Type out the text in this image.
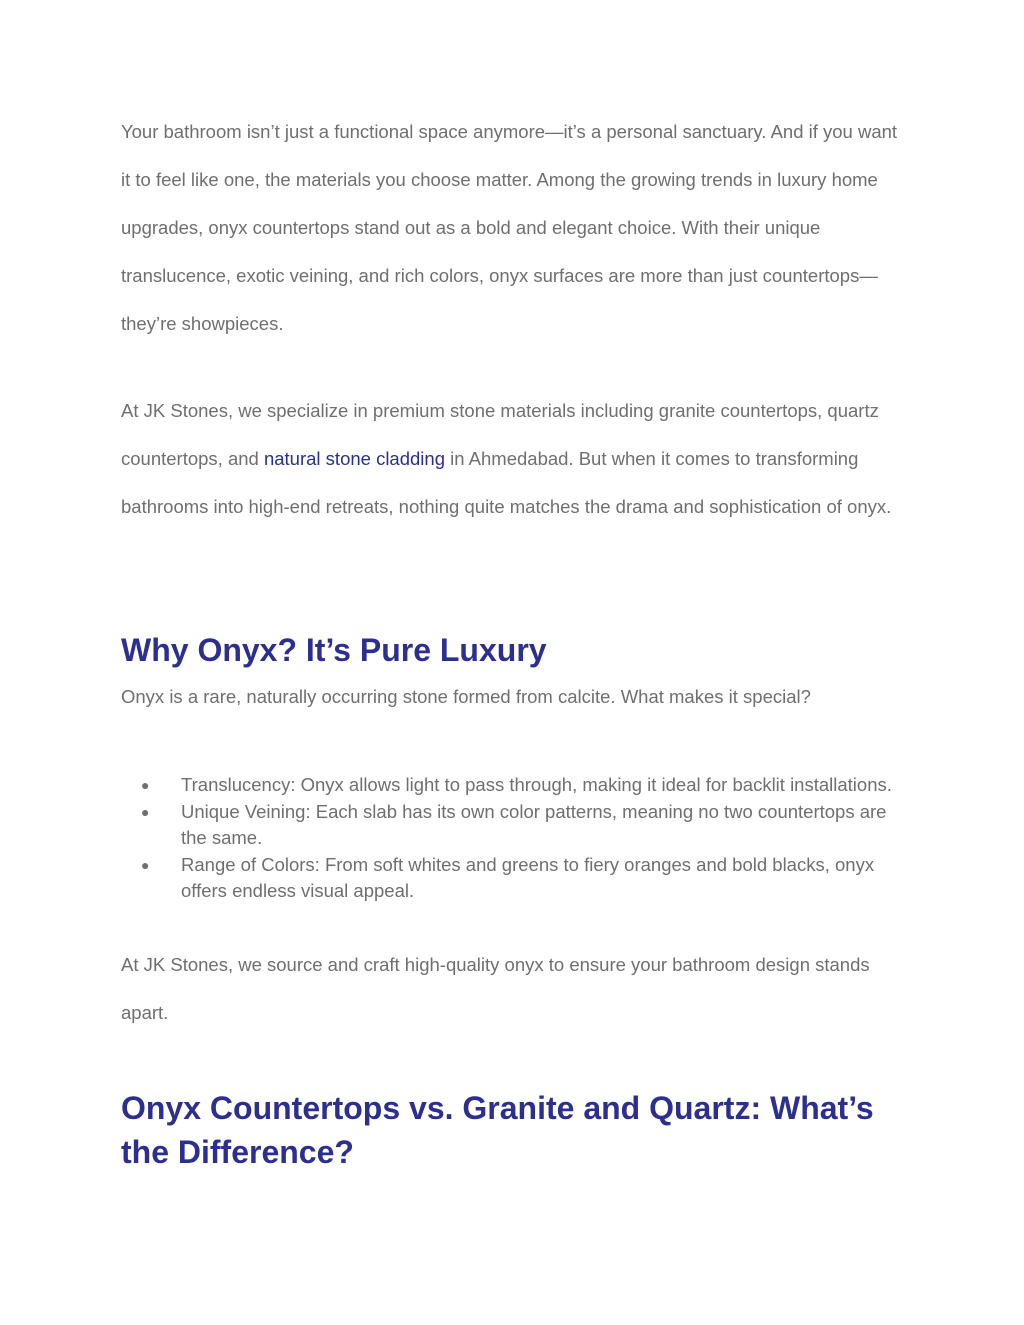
Your bathroom isn’t just a functional space anymore—it’s a personal sanctuary. And if you want it to feel like one, the materials you choose matter. Among the growing trends in luxury home upgrades, onyx countertops stand out as a bold and elegant choice. With their unique translucence, exotic veining, and rich colors, onyx surfaces are more than just countertops—they’re showpieces.

At JK Stones, we specialize in premium stone materials including granite countertops, quartz countertops, and natural stone cladding in Ahmedabad. But when it comes to transforming bathrooms into high-end retreats, nothing quite matches the drama and sophistication of onyx.

Why Onyx? It’s Pure Luxury

Onyx is a rare, naturally occurring stone formed from calcite. What makes it special?

● Translucency: Onyx allows light to pass through, making it ideal for backlit installations.
● Unique Veining: Each slab has its own color patterns, meaning no two countertops are the same.
● Range of Colors: From soft whites and greens to fiery oranges and bold blacks, onyx offers endless visual appeal.

At JK Stones, we source and craft high-quality onyx to ensure your bathroom design stands apart.

Onyx Countertops vs. Granite and Quartz: What’s the Difference?
